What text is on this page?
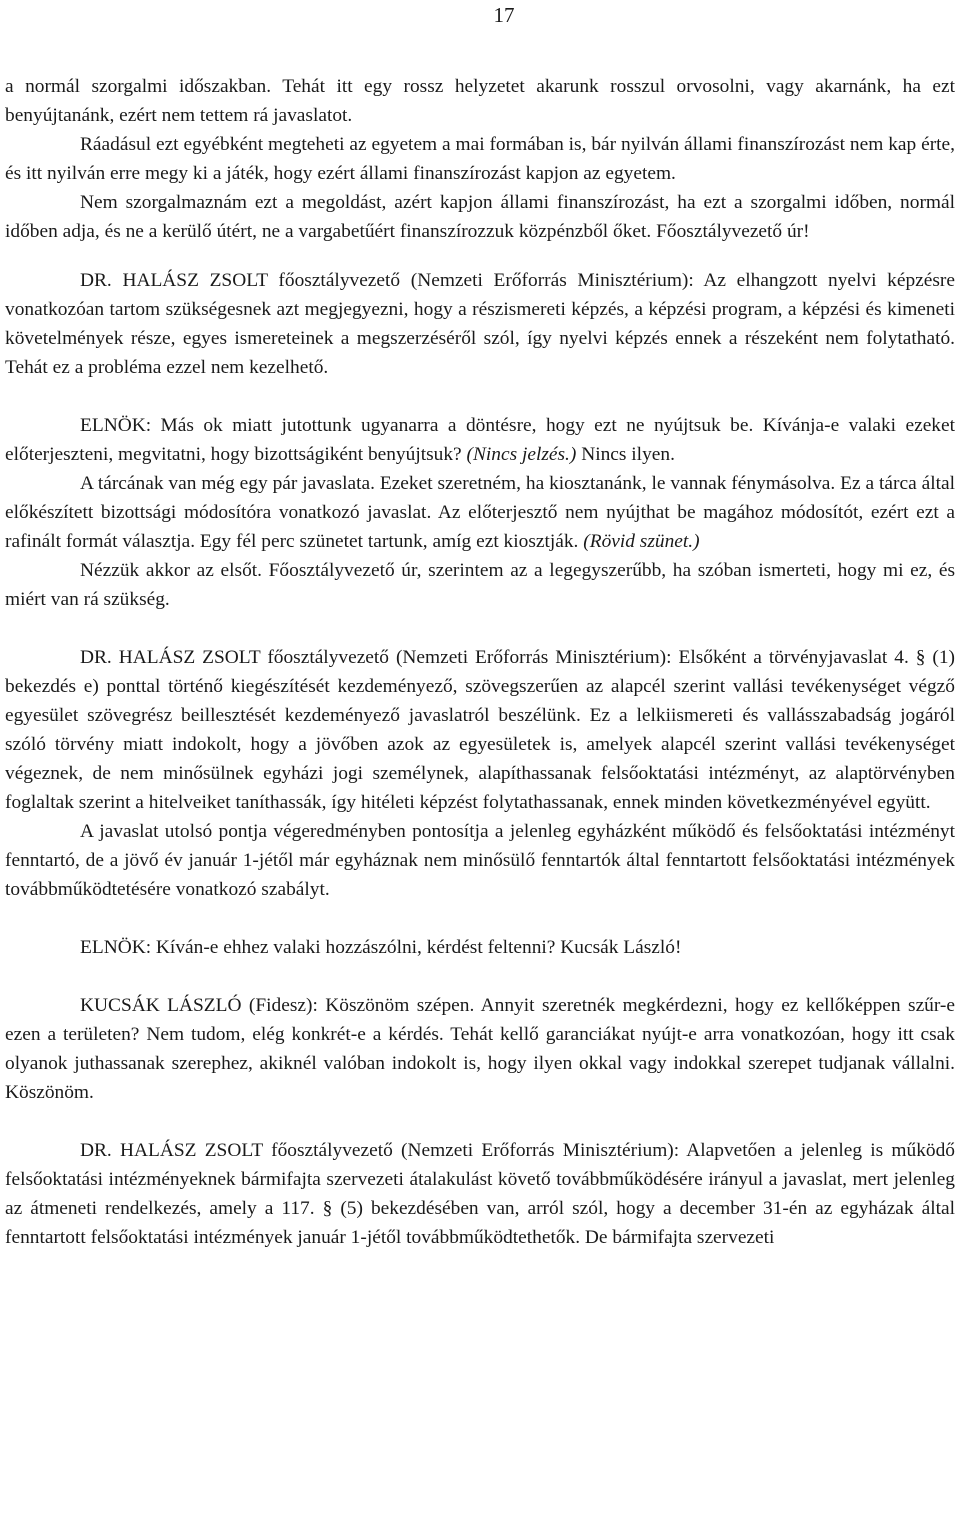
17

a normál szorgalmi időszakban. Tehát itt egy rossz helyzetet akarunk rosszul orvosolni, vagy akarnánk, ha ezt benyújtanánk, ezért nem tettem rá javaslatot.

Ráadásul ezt egyébként megteheti az egyetem a mai formában is, bár nyilván állami finanszírozást nem kap érte, és itt nyilván erre megy ki a játék, hogy ezért állami finanszírozást kapjon az egyetem.

Nem szorgalmaznám ezt a megoldást, azért kapjon állami finanszírozást, ha ezt a szorgalmi időben, normál időben adja, és ne a kerülő útért, ne a vargabetűért finanszírozzuk közpénzből őket. Főosztályvezető úr!

DR. HALÁSZ ZSOLT főosztályvezető (Nemzeti Erőforrás Minisztérium): Az elhangzott nyelvi képzésre vonatkozóan tartom szükségesnek azt megjegyezni, hogy a részismereti képzés, a képzési program, a képzési és kimeneti követelmények része, egyes ismereteinek a megszerzéséről szól, így nyelvi képzés ennek a részeként nem folytatható. Tehát ez a probléma ezzel nem kezelhető.

ELNÖK: Más ok miatt jutottunk ugyanarra a döntésre, hogy ezt ne nyújtsuk be. Kívánja-e valaki ezeket előterjeszteni, megvitatni, hogy bizottságiként benyújtsuk? (Nincs jelzés.) Nincs ilyen.

A tárcának van még egy pár javaslata. Ezeket szeretném, ha kiosztanánk, le vannak fénymásolva. Ez a tárca által előkészített bizottsági módosítóra vonatkozó javaslat. Az előterjesztő nem nyújthat be magához módosítót, ezért ezt a rafinált formát választja. Egy fél perc szünetet tartunk, amíg ezt kiosztják. (Rövid szünet.)

Nézzük akkor az elsőt. Főosztályvezető úr, szerintem az a legegyszerűbb, ha szóban ismerteti, hogy mi ez, és miért van rá szükség.

DR. HALÁSZ ZSOLT főosztályvezető (Nemzeti Erőforrás Minisztérium): Elsőként a törvényjavaslat 4. § (1) bekezdés e) ponttal történő kiegészítését kezdeményező, szövegszerűen az alapcél szerint vallási tevékenységet végző egyesület szövegrész beillesztését kezdeményező javaslatról beszélünk. Ez a lelkiismereti és vallásszabadság jogáról szóló törvény miatt indokolt, hogy a jövőben azok az egyesületek is, amelyek alapcél szerint vallási tevékenységet végeznek, de nem minősülnek egyházi jogi személynek, alapíthassanak felsőoktatási intézményt, az alaptörvényben foglaltak szerint a hitelveiket taníthassák, így hitéleti képzést folytathassanak, ennek minden következményével együtt.

A javaslat utolsó pontja végeredményben pontosítja a jelenleg egyházként működő és felsőoktatási intézményt fenntartó, de a jövő év január 1-jétől már egyháznak nem minősülő fenntartók által fenntartott felsőoktatási intézmények továbbműködtetésére vonatkozó szabályt.

ELNÖK: Kíván-e ehhez valaki hozzászólni, kérdést feltenni? Kucsák László!

KUCSÁK LÁSZLÓ (Fidesz): Köszönöm szépen. Annyit szeretnék megkérdezni, hogy ez kellőképpen szűr-e ezen a területen? Nem tudom, elég konkrét-e a kérdés. Tehát kellő garanciákat nyújt-e arra vonatkozóan, hogy itt csak olyanok juthassanak szerephez, akiknél valóban indokolt is, hogy ilyen okkal vagy indokkal szerepet tudjanak vállalni. Köszönöm.

DR. HALÁSZ ZSOLT főosztályvezető (Nemzeti Erőforrás Minisztérium): Alapvetően a jelenleg is működő felsőoktatási intézményeknek bármifajta szervezeti átalakulást követő továbbműködésére irányul a javaslat, mert jelenleg az átmeneti rendelkezés, amely a 117. § (5) bekezdésében van, arról szól, hogy a december 31-én az egyházak által fenntartott felsőoktatási intézmények január 1-jétől továbbműködtethetők. De bármifajta szervezeti
